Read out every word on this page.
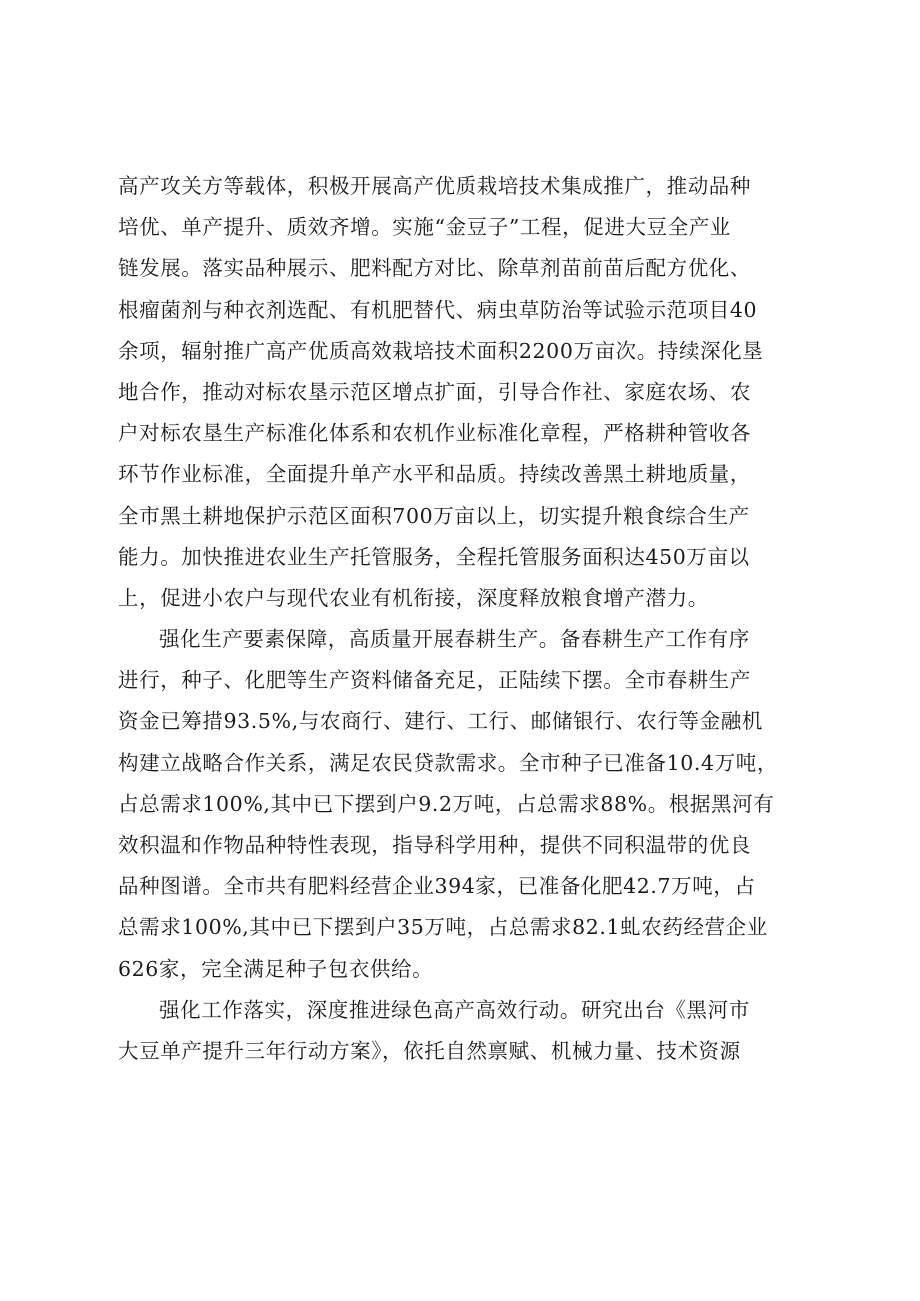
高产攻关方等载体，积极开展高产优质栽培技术集成推广，推动品种
培优、单产提升、质效齐增。实施“金豆子”工程，促进大豆全产业
链发展。落实品种展示、肥料配方对比、除草剂苗前苗后配方优化、
根瘤菌剂与种衣剂选配、有机肥替代、病虫草防治等试验示范项目40
余项，辐射推广高产优质高效栽培技术面积2200万亩次。持续深化垦
地合作，推动对标农垦示范区增点扩面，引导合作社、家庭农场、农
户对标农垦生产标准化体系和农机作业标准化章程，严格耕种管收各
环节作业标准，全面提升单产水平和品质。持续改善黑土耕地质量，
全市黑土耕地保护示范区面积700万亩以上，切实提升粮食综合生产
能力。加快推进农业生产托管服务，全程托管服务面积达450万亩以
上，促进小农户与现代农业有机衔接，深度释放粮食增产潜力。
强化生产要素保障，高质量开展春耕生产。备春耕生产工作有序
进行，种子、化肥等生产资料储备充足，正陆续下摆。全市春耕生产
资金已筹措93.5%,与农商行、建行、工行、邮储银行、农行等金融机
构建立战略合作关系，满足农民贷款需求。全市种子已准备10.4万吨，
占总需求100%,其中已下摆到户9.2万吨，占总需求88%。根据黑河有
效积温和作物品种特性表现，指导科学用种，提供不同积温带的优良
品种图谱。全市共有肥料经营企业394家，已准备化肥42.7万吨，占
总需求100%,其中已下摆到户35万吨，占总需求82.1虬农药经营企业
626家，完全满足种子包衣供给。
强化工作落实，深度推进绿色高产高效行动。研究出台《黑河市
大豆单产提升三年行动方案》，依托自然禀赋、机械力量、技术资源
